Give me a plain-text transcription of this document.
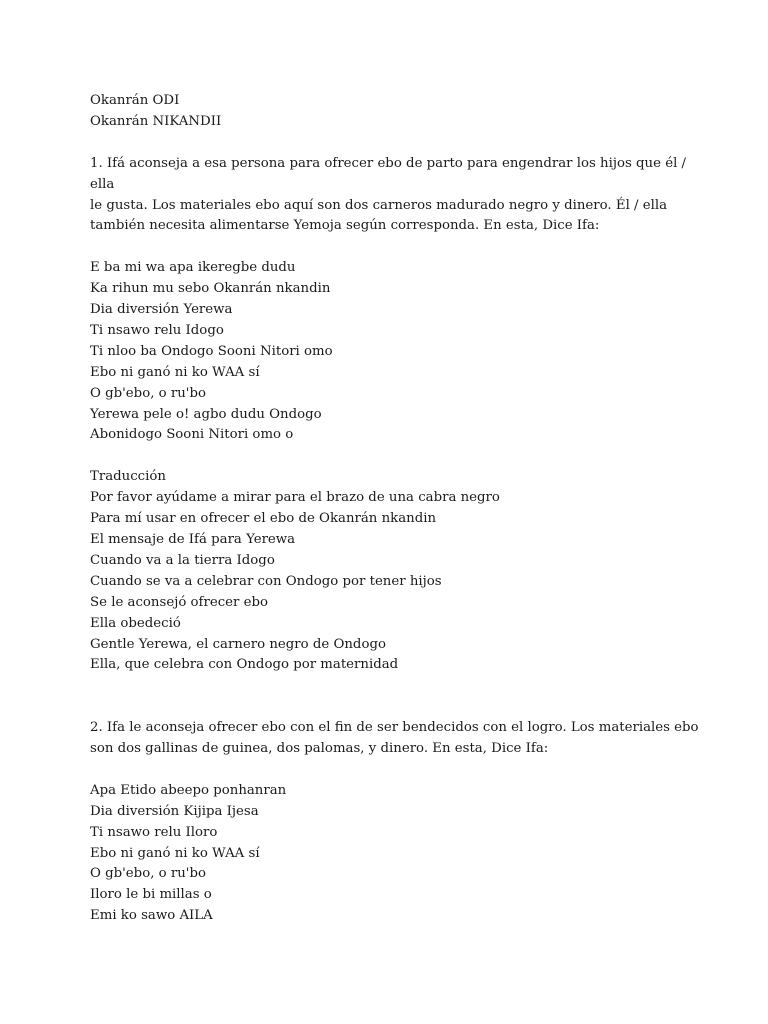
Okanrán ODI
Okanrán NIKANDII
1. Ifá aconseja a esa persona para ofrecer ebo de parto para engendrar los hijos que él / ella
le gusta. Los materiales ebo aquí son dos carneros madurado negro y dinero. Él / ella
también necesita alimentarse Yemoja según corresponda. En esta, Dice Ifa:
E ba mi wa apa ikeregbe dudu
Ka rihun mu sebo Okanrán nkandin
Dia diversión Yerewa
Ti nsawo relu Idogo
Ti nloo ba Ondogo Sooni Nitori omo
Ebo ni ganó ni ko WAA sí
O gb'ebo, o ru'bo
Yerewa pele o! agbo dudu Ondogo
Abonidogo Sooni Nitori omo o
Traducción
Por favor ayúdame a mirar para el brazo de una cabra negro
Para mí usar en ofrecer el ebo de Okanrán nkandin
El mensaje de Ifá para Yerewa
Cuando va a la tierra Idogo
Cuando se va a celebrar con Ondogo por tener hijos
Se le aconsejó ofrecer ebo
Ella obedeció
Gentle Yerewa, el carnero negro de Ondogo
Ella, que celebra con Ondogo por maternidad
2. Ifa le aconseja ofrecer ebo con el fin de ser bendecidos con el logro. Los materiales ebo
son dos gallinas de guinea, dos palomas, y dinero. En esta, Dice Ifa:
Apa Etido abeepo ponhanran
Dia diversión Kijipa Ijesa
Ti nsawo relu Iloro
Ebo ni ganó ni ko WAA sí
O gb'ebo, o ru'bo
Iloro le bi millas o
Emi ko sawo AILA
